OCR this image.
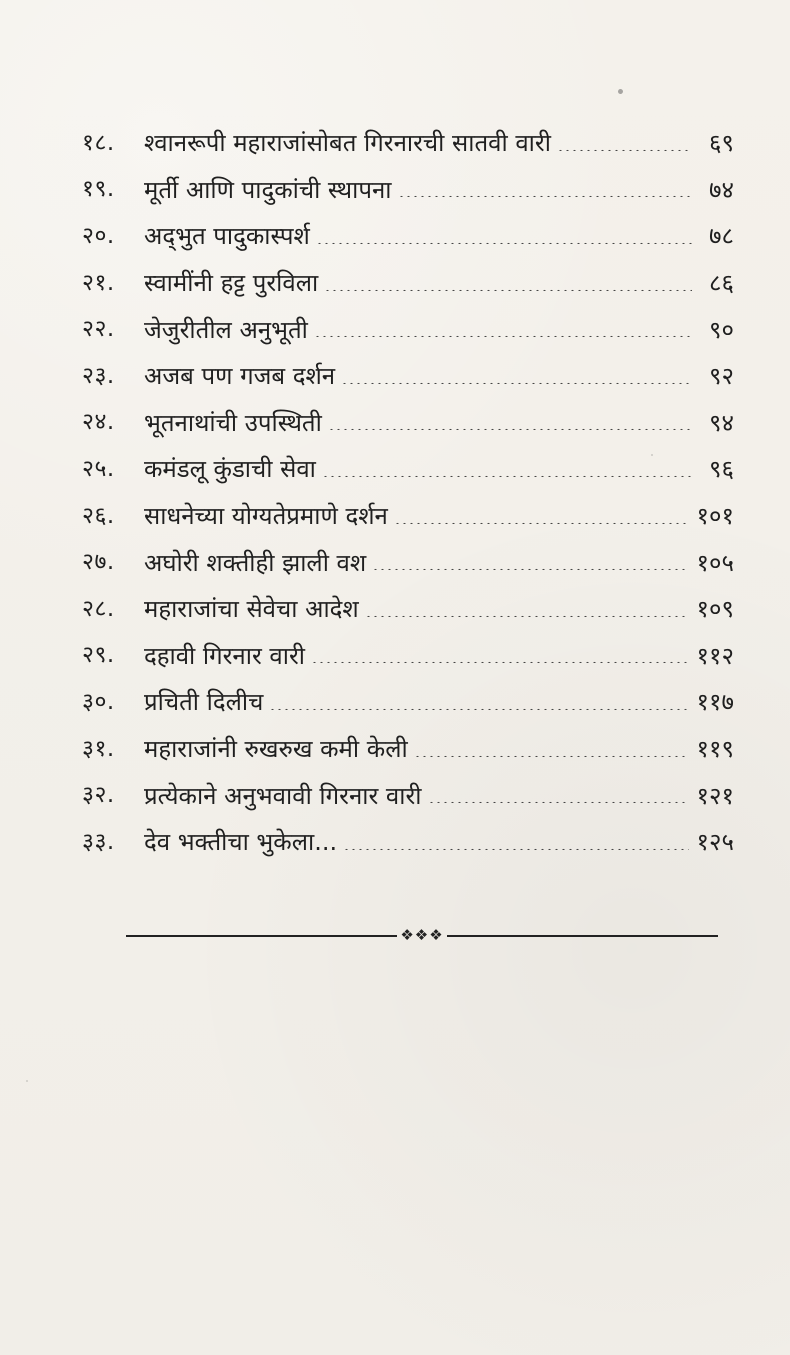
१८.	श्वानरूपी महाराजांसोबत गिरनारची सातवी वारी	६९
१९.	मूर्ती आणि पादुकांची स्थापना	७४
२०.	अद्‌भुत पादुकास्पर्श	७८
२१.	स्वामींनी हट्ट पुरविला	८६
२२.	जेजुरीतील अनुभूती	९०
२३.	अजब पण गजब दर्शन	९२
२४.	भूतनाथांची उपस्थिती	९४
२५.	कमंडलू कुंडाची सेवा	९६
२६.	साधनेच्या योग्यतेप्रमाणे दर्शन	१०१
२७.	अघोरी शक्तीही झाली वश	१०५
२८.	महाराजांचा सेवेचा आदेश	१०९
२९.	दहावी गिरनार वारी	११२
३०.	प्रचिती दिलीच	११७
३१.	महाराजांनी रुखरुख कमी केली	११९
३२.	प्रत्येकाने अनुभवावी गिरनार वारी	१२१
३३.	देव भक्तीचा भुकेला...	१२५
❖❖❖
